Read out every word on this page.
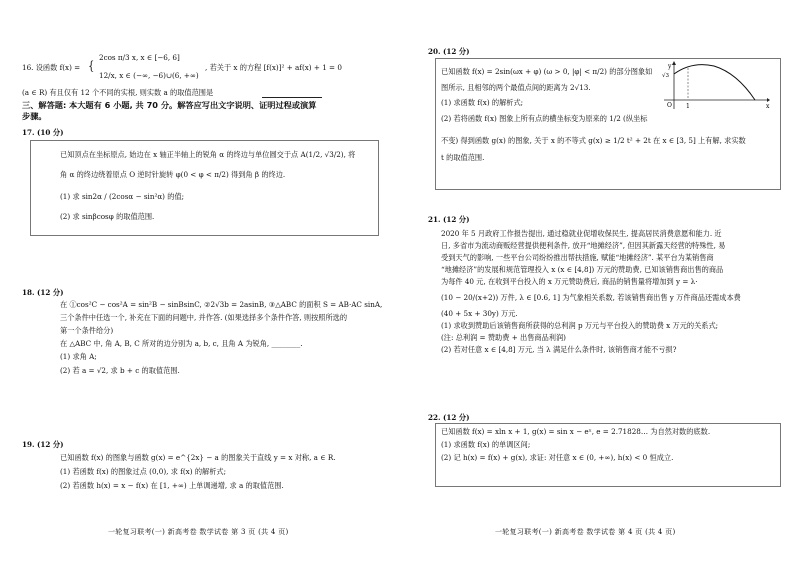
16. 设函数 f(x) = {
2cos π/3 x, x ∈ [−6, 6]
12/x, x ∈ (−∞, −6)∪(6, +∞)
, 若关于 x 的方程 [f(x)]² + af(x) + 1 = 0
(a ∈ R) 有且仅有 12 个不同的实根, 则实数 a 的取值范围是
三、解答题: 本大题有 6 小题, 共 70 分。解答应写出文字说明、证明过程或演算
步骤。
17. (10 分)
已知顶点在坐标原点, 始边在 x 轴正半轴上的锐角 α 的终边与单位圆交于点 A(1/2, √3/2), 将
角 α 的终边绕着原点 O 逆时针旋转 φ(0 < φ < π/2) 得到角 β 的终边.
(1) 求 sin2α / (2cosα − sin²α) 的值;
(2) 求 sinβcosφ 的取值范围.
18. (12 分)
在 ①cos²C − cos²A = sin²B − sinBsinC, ②2√3b = 2asinB, ③△ABC 的面积 S = AB·AC sinA,
三个条件中任选一个, 补充在下面的问题中, 并作答. (如果选择多个条件作答, 则按照所选的
第一个条件给分)
在 △ABC 中, 角 A, B, C 所对的边分别为 a, b, c, 且角 A 为锐角, ________.
(1) 求角 A;
(2) 若 a = √2, 求 b + c 的取值范围.
19. (12 分)
已知函数 f(x) 的图象与函数 g(x) = e^{2x} − a 的图象关于直线 y = x 对称, a ∈ R.
(1) 若函数 f(x) 的图象过点 (0,0), 求 f(x) 的解析式;
(2) 若函数 h(x) = x − f(x) 在 [1, +∞) 上单调递增, 求 a 的取值范围.
一轮复习联考(一) 新高考卷 数学试卷 第 3 页 (共 4 页)
20. (12 分)
已知函数 f(x) = 2sin(ωx + φ) (ω > 0, |φ| < π/2) 的部分图象如
图所示, 且相邻的两个最值点间的距离为 2√13.
(1) 求函数 f(x) 的解析式;
(2) 若将函数 f(x) 图象上所有点的横坐标变为原来的 1/2 (纵坐标
不变) 得到函数 g(x) 的图象, 关于 x 的不等式 g(x) ≥ 1/2 t² + 2t 在 x ∈ [3, 5] 上有解, 求实数
t 的取值范围.
y
x
O 1
√3
21. (12 分)
2020 年 5 月政府工作报告提出, 通过稳就业促增收保民生, 提高居民消费意愿和能力. 近
日, 多省市为流动商贩经营提供便利条件, 放开“地摊经济”, 但因其新露天经营的特殊性, 易
受到天气的影响, 一些平台公司纷纷推出帮扶措施, 赋能“地摊经济”. 某平台为某销售商
“地摊经济”的发展和规范管理投入 x (x ∈ [4,8]) 万元的赞助费, 已知该销售商出售的商品
为每件 40 元, 在收到平台投入的 x 万元赞助费后, 商品的销售量将增加到 y = λ·
(10 − 20/(x+2)) 万件, λ ∈ [0.6, 1] 为气象相关系数, 若该销售商出售 y 万件商品还需成本费
(40 + 5x + 30y) 万元.
(1) 求收到赞助后该销售商所获得的总利润 p 万元与平台投入的赞助费 x 万元的关系式;
(注: 总利润 = 赞助费 + 出售商品利润)
(2) 若对任意 x ∈ [4,8] 万元, 当 λ 满足什么条件时, 该销售商才能不亏损?
22. (12 分)
已知函数 f(x) = xln x + 1, g(x) = sin x − eˣ, e = 2.71828… 为自然对数的底数.
(1) 求函数 f(x) 的单调区间;
(2) 记 h(x) = f(x) + g(x), 求证: 对任意 x ∈ (0, +∞), h(x) < 0 恒成立.
一轮复习联考(一) 新高考卷 数学试卷 第 4 页 (共 4 页)
